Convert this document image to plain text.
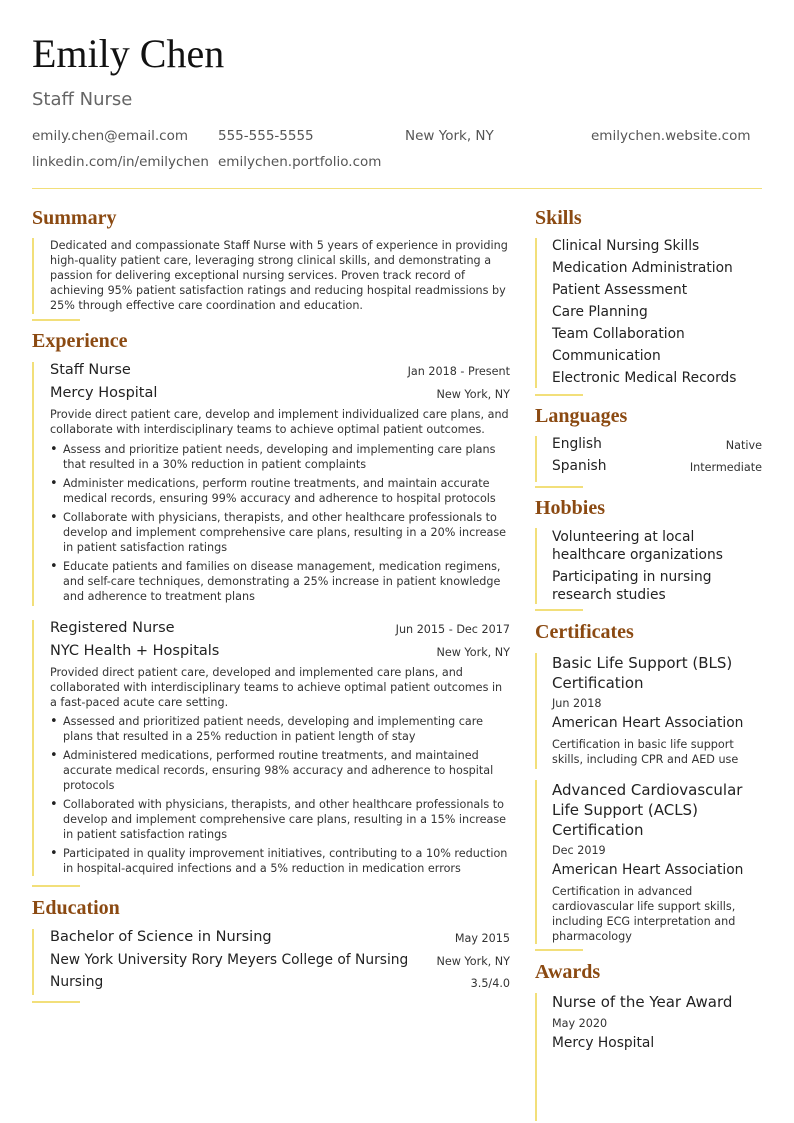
Emily Chen
Staff Nurse
emily.chen@email.com 555-555-5555	New York, NY	emilychen.website.com
linkedin.com/in/emilychen emilychen.portfolio.com
Summary
Dedicated and compassionate Staff Nurse with 5 years of experience in providing high-quality patient care, leveraging strong clinical skills, and demonstrating a passion for delivering exceptional nursing services. Proven track record of achieving 95% patient satisfaction ratings and reducing hospital readmissions by 25% through effective care coordination and education.
Experience
Staff Nurse	Jan 2018 - Present
Mercy Hospital	New York, NY
Provide direct patient care, develop and implement individualized care plans, and collaborate with interdisciplinary teams to achieve optimal patient outcomes.
• Assess and prioritize patient needs, developing and implementing care plans that resulted in a 30% reduction in patient complaints
• Administer medications, perform routine treatments, and maintain accurate medical records, ensuring 99% accuracy and adherence to hospital protocols
• Collaborate with physicians, therapists, and other healthcare professionals to develop and implement comprehensive care plans, resulting in a 20% increase in patient satisfaction ratings
• Educate patients and families on disease management, medication regimens, and self-care techniques, demonstrating a 25% increase in patient knowledge and adherence to treatment plans
Registered Nurse	Jun 2015 - Dec 2017
NYC Health + Hospitals	New York, NY
Provided direct patient care, developed and implemented care plans, and collaborated with interdisciplinary teams to achieve optimal patient outcomes in a fast-paced acute care setting.
• Assessed and prioritized patient needs, developing and implementing care plans that resulted in a 25% reduction in patient length of stay
• Administered medications, performed routine treatments, and maintained accurate medical records, ensuring 98% accuracy and adherence to hospital protocols
• Collaborated with physicians, therapists, and other healthcare professionals to develop and implement comprehensive care plans, resulting in a 15% increase in patient satisfaction ratings
• Participated in quality improvement initiatives, contributing to a 10% reduction in hospital-acquired infections and a 5% reduction in medication errors
Education
Bachelor of Science in Nursing	May 2015
New York University Rory Meyers College of Nursing	New York, NY
Nursing	3.5/4.0
Skills
Clinical Nursing Skills
Medication Administration
Patient Assessment
Care Planning
Team Collaboration
Communication
Electronic Medical Records
Languages
English	Native
Spanish	Intermediate
Hobbies
Volunteering at local healthcare organizations
Participating in nursing research studies
Certificates
Basic Life Support (BLS) Certification
Jun 2018
American Heart Association
Certification in basic life support skills, including CPR and AED use
Advanced Cardiovascular Life Support (ACLS) Certification
Dec 2019
American Heart Association
Certification in advanced cardiovascular life support skills, including ECG interpretation and pharmacology
Awards
Nurse of the Year Award
May 2020
Mercy Hospital
